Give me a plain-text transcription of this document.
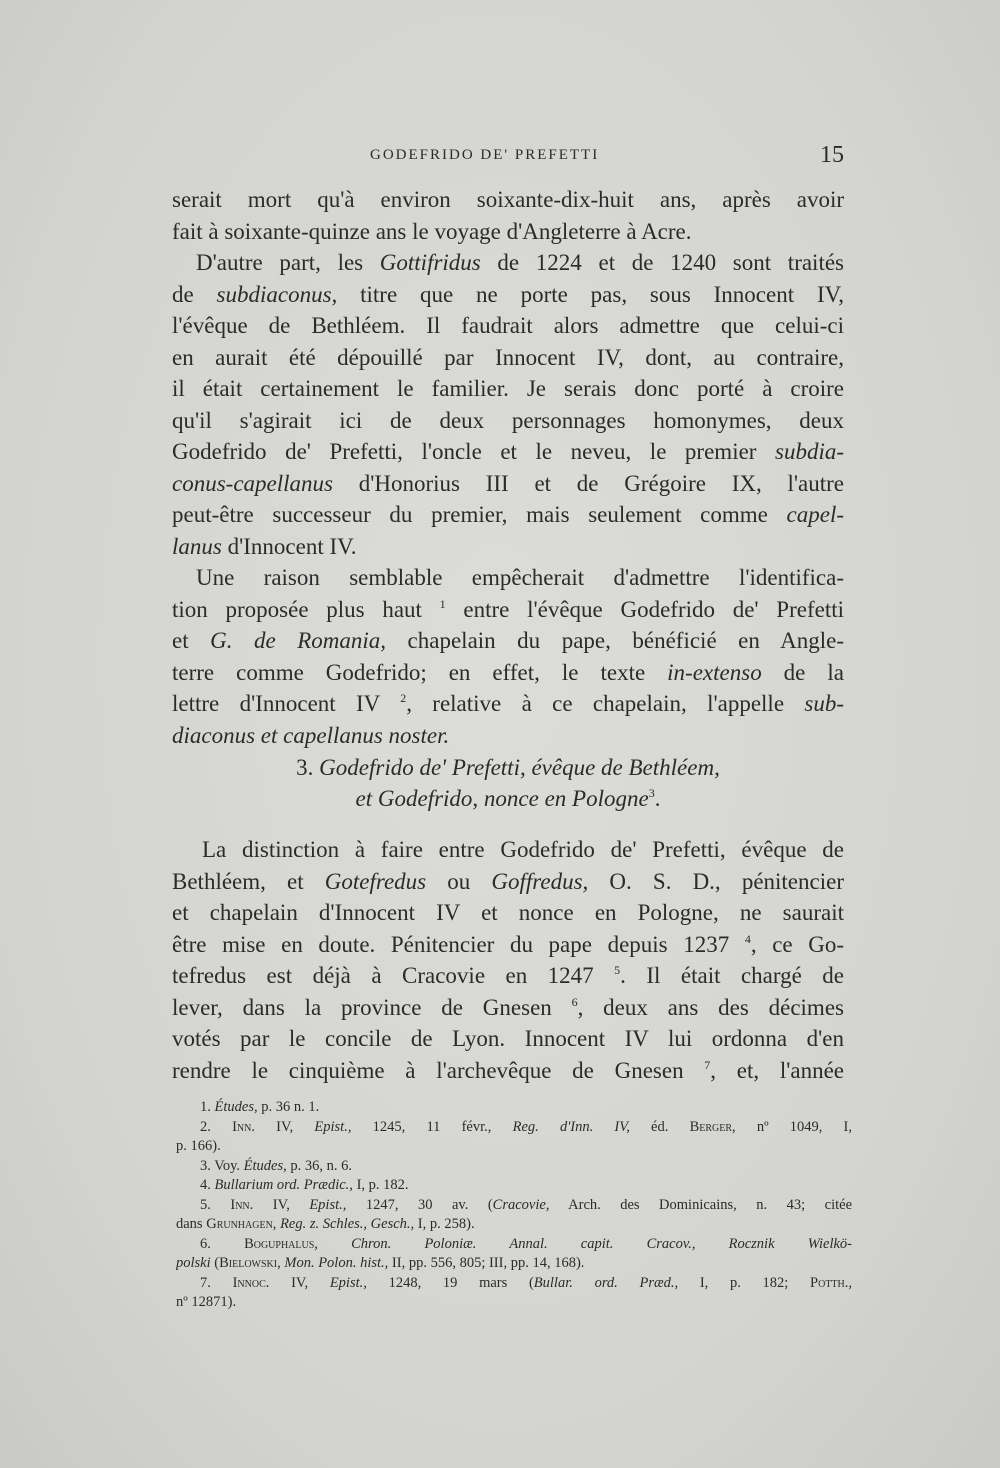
GODEFRIDO DE' PREFETTI	15
serait mort qu'à environ soixante-dix-huit ans, après avoir
fait à soixante-quinze ans le voyage d'Angleterre à Acre.
D'autre part, les Gottifridus de 1224 et de 1240 sont traités
de subdiaconus, titre que ne porte pas, sous Innocent IV,
l'évêque de Bethléem. Il faudrait alors admettre que celui-ci
en aurait été dépouillé par Innocent IV, dont, au contraire,
il était certainement le familier. Je serais donc porté à croire
qu'il s'agirait ici de deux personnages homonymes, deux
Godefrido de' Prefetti, l'oncle et le neveu, le premier subdia-
conus-capellanus d'Honorius III et de Grégoire IX, l'autre
peut-être successeur du premier, mais seulement comme capel-
lanus d'Innocent IV.
Une raison semblable empêcherait d'admettre l'identifica-
tion proposée plus haut $^1$ entre l'évêque Godefrido de' Prefetti
et G. de Romania, chapelain du pape, bénéficié en Angle-
terre comme Godefrido; en effet, le texte in-extenso de la
lettre d'Innocent IV $^2$, relative à ce chapelain, l'appelle sub-
diaconus et capellanus noster.
3. Godefrido de' Prefetti, évêque de Bethléem,
et Godefrido, nonce en Pologne$^3$.
La distinction à faire entre Godefrido de' Prefetti, évêque de
Bethléem, et Gotefredus ou Goffredus, O. S. D., pénitencier
et chapelain d'Innocent IV et nonce en Pologne, ne saurait
être mise en doute. Pénitencier du pape depuis 1237 $^4$, ce Go-
tefredus est déjà à Cracovie en 1247 $^5$. Il était chargé de
lever, dans la province de Gnesen $^6$, deux ans des décimes
votés par le concile de Lyon. Innocent IV lui ordonna d'en
rendre le cinquième à l'archevêque de Gnesen $^7$, et, l'année
1. Études, p. 36 n. 1.
2. Inn. IV, Epist., 1245, 11 févr., Reg. d'Inn. IV, éd. Berger, nº 1049, I,
p. 166).
3. Voy. Études, p. 36, n. 6.
4. Bullarium ord. Prædic., I, p. 182.
5. Inn. IV, Epist., 1247, 30 av. (Cracovie, Arch. des Dominicains, n. 43; citée
dans Grunhagen, Reg. z. Schles., Gesch., I, p. 258).
6. Boguphalus, Chron. Poloniæ. Annal. capit. Cracov., Rocznik Wielkö-
polski (Bielowski, Mon. Polon. hist., II, pp. 556, 805; III, pp. 14, 168).
7. Innoc. IV, Epist., 1248, 19 mars (Bullar. ord. Præd., I, p. 182; Potth.,
nº 12871).
